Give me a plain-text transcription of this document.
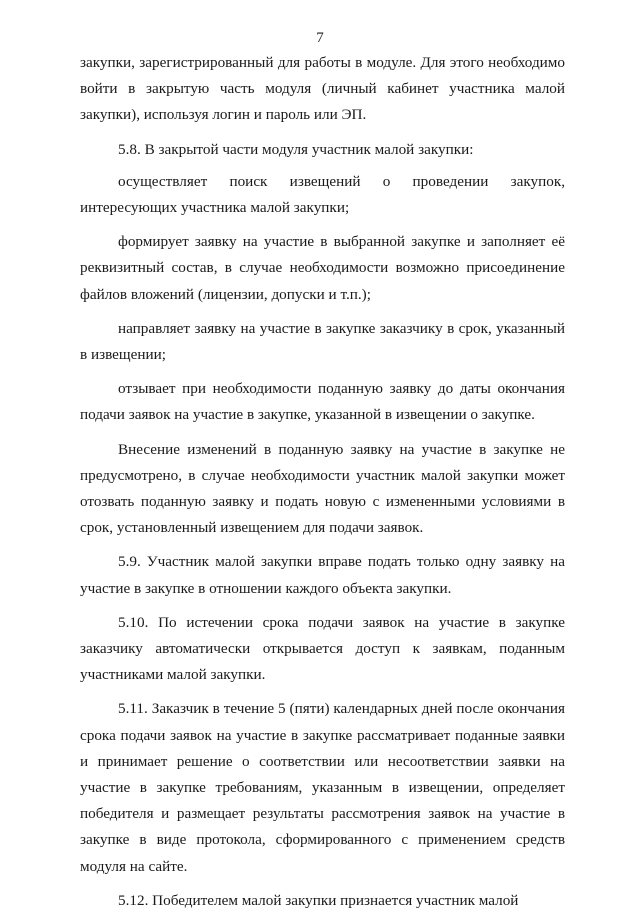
7

закупки, зарегистрированный для работы в модуле. Для этого необходимо войти в закрытую часть модуля (личный кабинет участника малой закупки), используя логин и пароль или ЭП.

5.8. В закрытой части модуля участник малой закупки:

осуществляет поиск извещений о проведении закупок, интересующих участника малой закупки;

формирует заявку на участие в выбранной закупке и заполняет её реквизитный состав, в случае необходимости возможно присоединение файлов вложений (лицензии, допуски и т.п.);

направляет заявку на участие в закупке заказчику в срок, указанный в извещении;

отзывает при необходимости поданную заявку до даты окончания подачи заявок на участие в закупке, указанной в извещении о закупке.

Внесение изменений в поданную заявку на участие в закупке не предусмотрено, в случае необходимости участник малой закупки может отозвать поданную заявку и подать новую с измененными условиями в срок, установленный извещением для подачи заявок.

5.9. Участник малой закупки вправе подать только одну заявку на участие в закупке в отношении каждого объекта закупки.

5.10. По истечении срока подачи заявок на участие в закупке заказчику автоматически открывается доступ к заявкам, поданным участниками малой закупки.

5.11. Заказчик в течение 5 (пяти) календарных дней после окончания срока подачи заявок на участие в закупке рассматривает поданные заявки и принимает решение о соответствии или несоответствии заявки на участие в закупке требованиям, указанным в извещении, определяет победителя и размещает результаты рассмотрения заявок на участие в закупке в виде протокола, сформированного с применением средств модуля на сайте.

5.12. Победителем малой закупки признается участник малой
